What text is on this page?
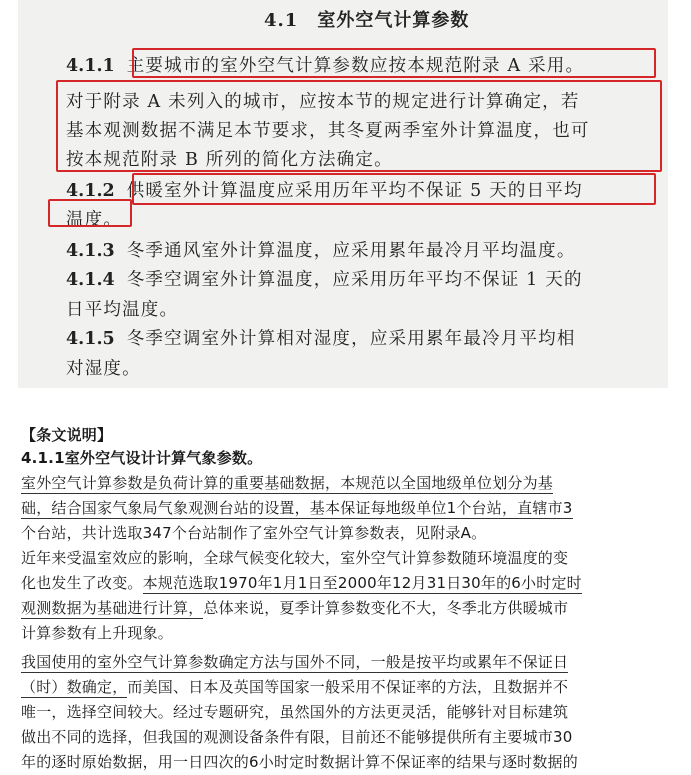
4.1　室外空气计算参数
4.1.1 主要城市的室外空气计算参数应按本规范附录 A 采用。
对于附录 A 未列入的城市，应按本节的规定进行计算确定，若
基本观测数据不满足本节要求，其冬夏两季室外计算温度，也可
按本规范附录 B 所列的简化方法确定。
4.1.2 供暖室外计算温度应采用历年平均不保证 5 天的日平均
温度。
4.1.3 冬季通风室外计算温度，应采用累年最冷月平均温度。
4.1.4 冬季空调室外计算温度，应采用历年平均不保证 1 天的
日平均温度。
4.1.5 冬季空调室外计算相对湿度，应采用累年最冷月平均相
对湿度。
【条文说明】
4.1.1室外空气设计计算气象参数。
室外空气计算参数是负荷计算的重要基础数据，本规范以全国地级单位划分为基
础，结合国家气象局气象观测台站的设置，基本保证每地级单位1个台站，直辖市3
个台站，共计选取347个台站制作了室外空气计算参数表，见附录A。
近年来受温室效应的影响，全球气候变化较大，室外空气计算参数随环境温度的变
化也发生了改变。本规范选取1970年1月1日至2000年12月31日30年的6小时定时
观测数据为基础进行计算，总体来说，夏季计算参数变化不大，冬季北方供暖城市
计算参数有上升现象。
我国使用的室外空气计算参数确定方法与国外不同，一般是按平均或累年不保证日
（时）数确定，而美国、日本及英国等国家一般采用不保证率的方法，且数据并不
唯一，选择空间较大。经过专题研究，虽然国外的方法更灵活，能够针对目标建筑
做出不同的选择，但我国的观测设备条件有限，目前还不能够提供所有主要城市30
年的逐时原始数据，用一日四次的6小时定时数据计算不保证率的结果与逐时数据的
